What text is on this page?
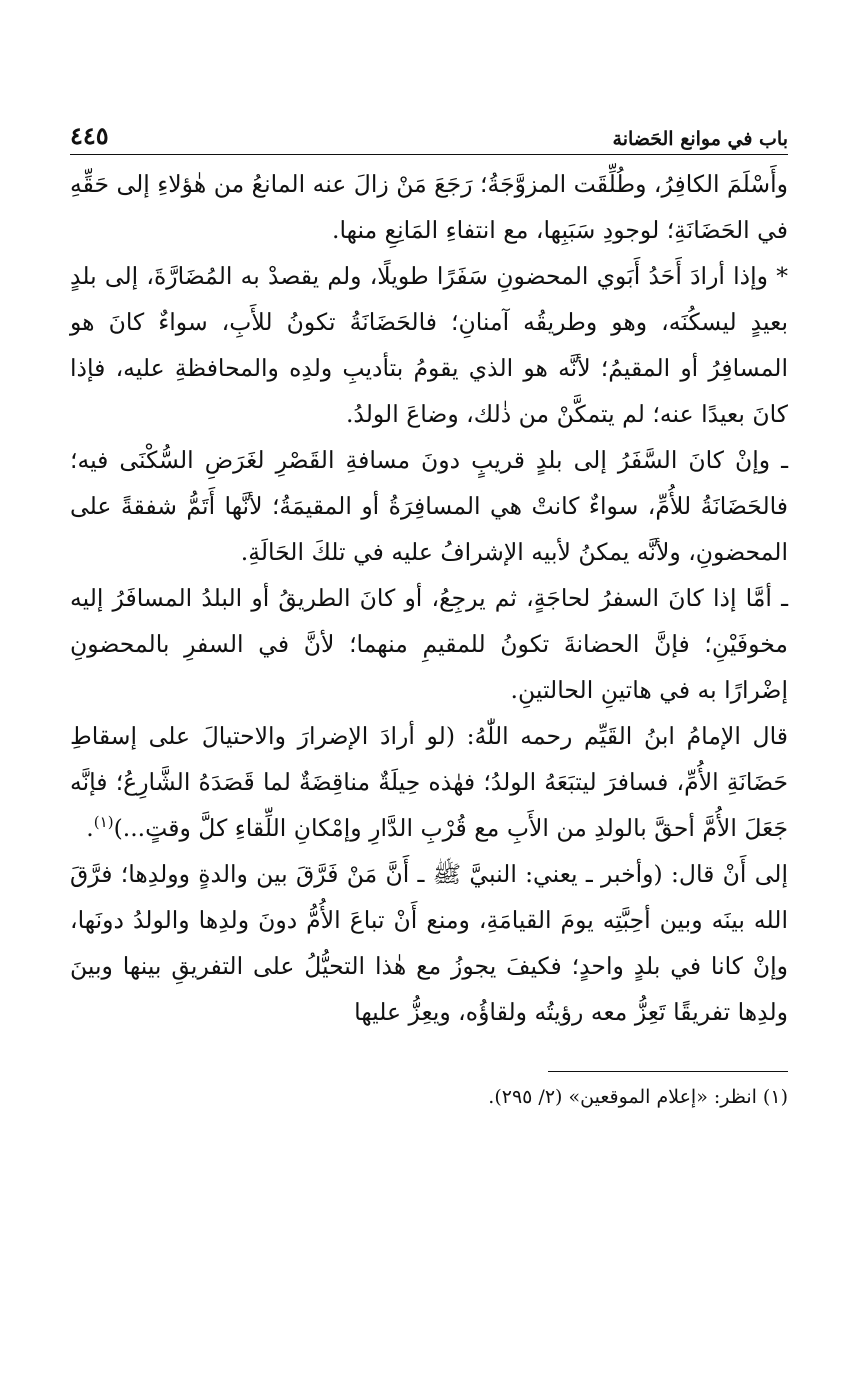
باب في موانع الحَضانة
٤٤٥

وأَسْلَمَ الكافِرُ، وطُلِّقَت المزوَّجَةُ؛ رَجَعَ مَنْ زالَ عنه المانعُ من هٰؤلاءِ إلى حَقِّهِ في الحَضَانَةِ؛ لوجودِ سَبَبِها، مع انتفاءِ المَانِعِ منها.

* وإذا أرادَ أَحَدُ أَبَوي المحضونِ سَفَرًا طويلًا، ولم يقصدْ به المُضَارَّةَ، إلى بلدٍ بعيدٍ ليسكُنَه، وهو وطريقُه آمنانِ؛ فالحَضَانَةُ تكونُ للأَبِ، سواءٌ كانَ هو المسافِرُ أو المقيمُ؛ لأنَّه هو الذي يقومُ بتأديبِ ولدِه والمحافظةِ عليه، فإذا كانَ بعيدًا عنه؛ لم يتمكَّنْ من ذٰلك، وضاعَ الولدُ.

ـ وإنْ كانَ السَّفَرُ إلى بلدٍ قريبٍ دونَ مسافةِ القَصْرِ لغَرَضِ السُّكْنَى فيه؛ فالحَضَانَةُ للأُمِّ، سواءٌ كانتْ هي المسافِرَةُ أو المقيمَةُ؛ لأنَّها أَتَمُّ شفقةً على المحضونِ، ولأنَّه يمكنُ لأبيه الإشرافُ عليه في تلكَ الحَالَةِ.

ـ أمَّا إذا كانَ السفرُ لحاجَةٍ، ثم يرجِعُ، أو كانَ الطريقُ أو البلدُ المسافَرُ إليه مخوفَيْنِ؛ فإنَّ الحضانةَ تكونُ للمقيمِ منهما؛ لأنَّ في السفرِ بالمحضونِ إضْرارًا به في هاتينِ الحالتينِ.

قال الإمامُ ابنُ القَيِّم رحمه اللّٰهُ: (لو أرادَ الإضرارَ والاحتيالَ على إسقاطِ حَضَانَةِ الأُمِّ، فسافرَ ليتبَعَهُ الولدُ؛ فهٰذه حِيلَةٌ مناقِضَةٌ لما قَصَدَهُ الشَّارِعُ؛ فإنَّه جَعَلَ الأُمَّ أحقَّ بالولدِ من الأَبِ مع قُرْبِ الدَّارِ وإمْكانِ اللِّقاءِ كلَّ وقتٍ...)$^{(١)}$.

إلى أَنْ قال: (وأخبر ـ يعني: النبيَّ ﷺ ـ أَنَّ مَنْ فَرَّقَ بين والدةٍ وولدِها؛ فرَّقَ الله بينَه وبين أحِبَّتِه يومَ القيامَةِ، ومنع أَنْ تباعَ الأُمُّ دونَ ولدِها والولدُ دونَها، وإنْ كانا في بلدٍ واحدٍ؛ فكيفَ يجوزُ مع هٰذا التحيُّلُ على التفريقِ بينها وبينَ ولدِها تفريقًا تَعِزُّ معه رؤيتُه ولقاؤُه، ويعِزُّ عليها

(١) انظر: «إعلام الموقعين» (٢/ ٢٩٥).
